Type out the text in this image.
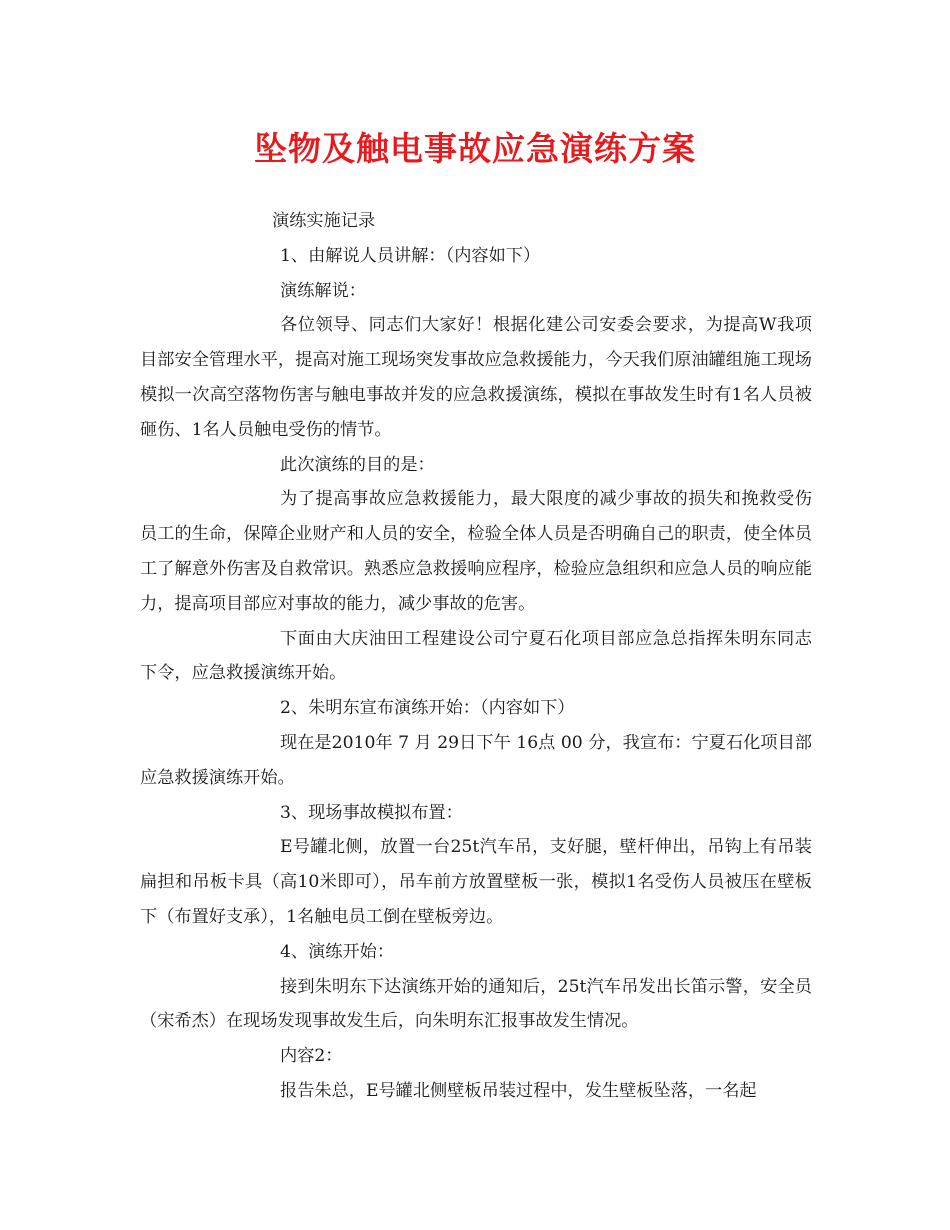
坠物及触电事故应急演练方案

演练实施记录

1、由解说人员讲解：（内容如下）

演练解说：

各位领导、同志们大家好！根据化建公司安委会要求，为提高W我项目部安全管理水平，提高对施工现场突发事故应急救援能力，今天我们原油罐组施工现场模拟一次高空落物伤害与触电事故并发的应急救援演练，模拟在事故发生时有1名人员被砸伤、1名人员触电受伤的情节。

此次演练的目的是：

为了提高事故应急救援能力，最大限度的减少事故的损失和挽救受伤员工的生命，保障企业财产和人员的安全，检验全体人员是否明确自己的职责，使全体员工了解意外伤害及自救常识。熟悉应急救援响应程序，检验应急组织和应急人员的响应能力，提高项目部应对事故的能力，减少事故的危害。

下面由大庆油田工程建设公司宁夏石化项目部应急总指挥朱明东同志下令，应急救援演练开始。

2、朱明东宣布演练开始：（内容如下）

现在是2010年 7 月 29日下午 16点 00 分，我宣布：宁夏石化项目部应急救援演练开始。

3、现场事故模拟布置：

E号罐北侧，放置一台25t汽车吊，支好腿，壁杆伸出，吊钩上有吊装扁担和吊板卡具（高10米即可），吊车前方放置壁板一张，模拟1名受伤人员被压在壁板下（布置好支承），1名触电员工倒在壁板旁边。

4、演练开始：

接到朱明东下达演练开始的通知后，25t汽车吊发出长笛示警，安全员（宋希杰）在现场发现事故发生后，向朱明东汇报事故发生情况。

内容2：

报告朱总，E号罐北侧壁板吊装过程中，发生壁板坠落，一名起
